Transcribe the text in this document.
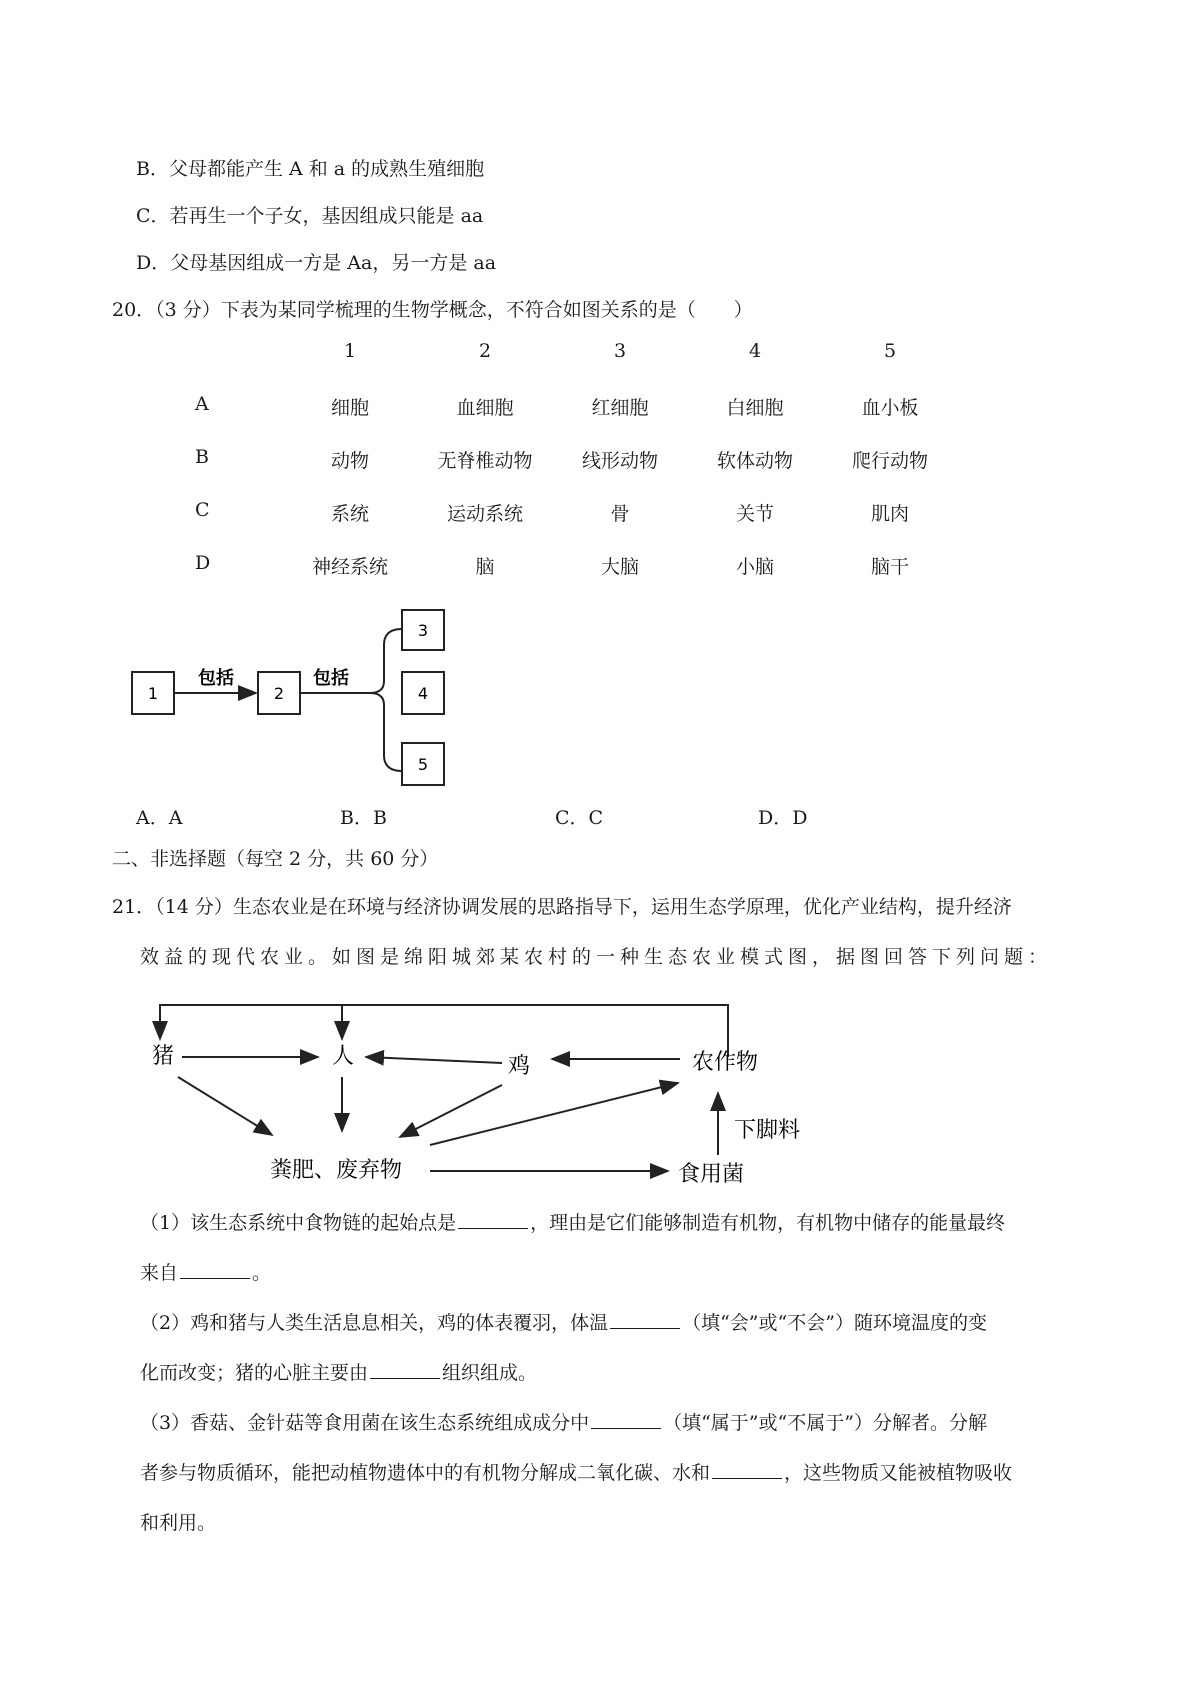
B．父母都能产生 A 和 a 的成熟生殖细胞
C．若再生一个子女，基因组成只能是 aa
D．父母基因组成一方是 Aa，另一方是 aa
20．（3 分）下表为某同学梳理的生物学概念，不符合如图关系的是（　　）
1	2	3	4	5
A	细胞	血细胞	红细胞	白细胞	血小板
B	动物	无脊椎动物	线形动物	软体动物	爬行动物
C	系统	运动系统	骨	关节	肌肉
D	神经系统	脑	大脑	小脑	脑干
1
包括
2
包括
3
4
5
A．A	B．B	C．C	D．D
二、非选择题（每空 2 分，共 60 分）
21．（14 分）生态农业是在环境与经济协调发展的思路指导下，运用生态学原理，优化产业结构，提升经济
效益的现代农业。如图是绵阳城郊某农村的一种生态农业模式图，据图回答下列问题：
猪	人	鸡	农作物
粪肥、废弃物	食用菌
下脚料
（1）该生态系统中食物链的起始点是	，理由是它们能够制造有机物，有机物中储存的能量最终
来自	。
（2）鸡和猪与人类生活息息相关，鸡的体表覆羽，体温	（填“会”或“不会”）随环境温度的变
化而改变；猪的心脏主要由	组织组成。
（3）香菇、金针菇等食用菌在该生态系统组成成分中	（填“属于”或“不属于”）分解者。分解
者参与物质循环，能把动植物遗体中的有机物分解成二氧化碳、水和	，这些物质又能被植物吸收
和利用。
